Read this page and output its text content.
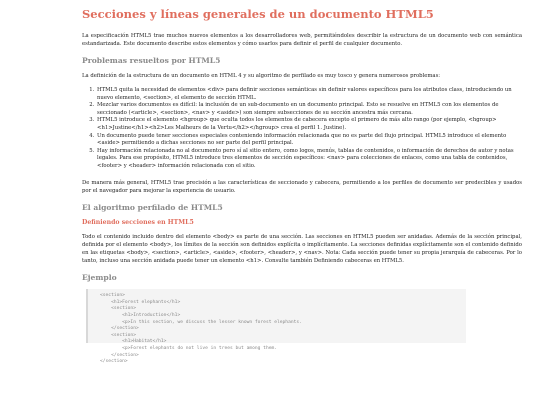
Secciones y líneas generales de un documento HTML5

La especificación HTML5 trae muchos nuevos elementos a los desarrolladores web, permitiéndoles describir la estructura de un documento web con semántica estandarizada. Este documento describe estos elementos y cómo usarlos para definir el perfil de cualquier documento.

Problemas resueltos por HTML5

La definición de la estructura de un documento en HTML 4 y su algoritmo de perfilado es muy tosco y genera numerosos problemas:

1. HTML5 quita la necesidad de elementos <div> para definir secciones semánticas sin definir valores específicos para los atributos class, introduciendo un nuevo elemento, <section>, el elemento de sección HTML.
2. Mezclar varios documentos es difícil: la inclusión de un sub-documento en un documento principal. Esto se resuelve en HTML5 con los elementos de seccionado (<article>, <section>, <nav> y <aside>) son siempre subsecciones de su sección ancestra más cercana.
3. HTML5 introduce el elemento <hgroup> que oculta todos los elementos de cabecera excepto el primero de más alto rango (por ejemplo, <hgroup><h1>Justine</h1><h2>Les Malheurs de la Vertu</h2></hgroup> crea el perfil 1. Justine).
4. Un documento puede tener secciones especiales conteniendo información relacionada que no es parte del flujo principal. HTML5 introduce el elemento <aside> permitiendo a dichas secciones no ser parte del perfil principal.
5. Hay información relacionada no al documento pero sí al sitio entero, como logos, menús, tablas de contenidos, o información de derechos de autor y notas legales. Para ese propósito, HTML5 introduce tres elementos de sección específicos: <nav> para colecciones de enlaces, como una tabla de contenidos, <footer> y <header> información relacionada con el sitio.

De manera más general, HTML5 trae precisión a las características de seccionado y cabecera, permitiendo a los perfiles de documento ser predecibles y usados por el navegador para mejorar la experiencia de usuario.

El algoritmo perfilado de HTML5
Definiendo secciones en HTML5

Todo el contenido incluido dentro del elemento <body> es parte de una sección. Las secciones en HTML5 pueden ser anidadas. Además de la sección principal, definida por el elemento <body>, los límites de la sección son definidos explícita o implícitamente. La secciones definidas explícitamente son el contenido definido en las etiquetas <body>, <section>, <article>, <aside>, <footer>, <header>, y <nav>. Nota: Cada sección puede tener su propia jerarquía de cabeceras. Por lo tanto, incluso una sección anidada puede tener un elemento <h1>. Consulte también Definiendo cabeceras en HTML5.

Ejemplo
<section>
<h1>Forest elephants</h1>
<section>
<h1>Introduction</h1>
<p>In this section, we discuss the lesser known forest elephants.
</section>
<section>
<h1>Habitat</h1>
<p>Forest elephants do not live in trees but among them.
</section>
</section>
